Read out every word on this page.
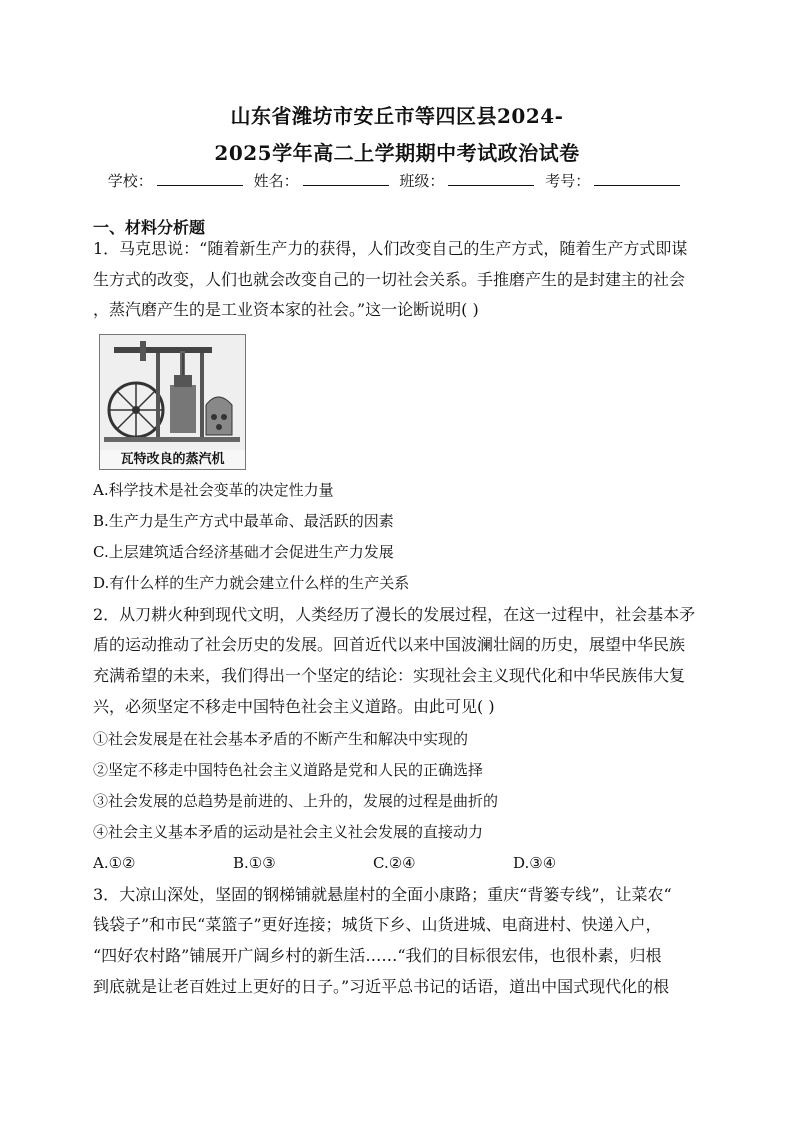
山东省潍坊市安丘市等四区县2024-
2025学年高二上学期期中考试政治试卷
学校：	姓名：	班级：	考号：
一、材料分析题
1．马克思说：“随着新生产力的获得，人们改变自己的生产方式，随着生产方式即谋
生方式的改变，人们也就会改变自己的一切社会关系。手推磨产生的是封建主的社会
，蒸汽磨产生的是工业资本家的社会。”这一论断说明( )
瓦特改良的蒸汽机
A.科学技术是社会变革的决定性力量
B.生产力是生产方式中最革命、最活跃的因素
C.上层建筑适合经济基础才会促进生产力发展
D.有什么样的生产力就会建立什么样的生产关系
2．从刀耕火种到现代文明，人类经历了漫长的发展过程，在这一过程中，社会基本矛
盾的运动推动了社会历史的发展。回首近代以来中国波澜壮阔的历史，展望中华民族
充满希望的未来，我们得出一个坚定的结论：实现社会主义现代化和中华民族伟大复
兴，必须坚定不移走中国特色社会主义道路。由此可见( )
①社会发展是在社会基本矛盾的不断产生和解决中实现的
②坚定不移走中国特色社会主义道路是党和人民的正确选择
③社会发展的总趋势是前进的、上升的，发展的过程是曲折的
④社会主义基本矛盾的运动是社会主义社会发展的直接动力
A.①②	B.①③	C.②④	D.③④
3．大凉山深处，坚固的钢梯铺就悬崖村的全面小康路；重庆“背篓专线”，让菜农“
钱袋子”和市民“菜篮子”更好连接；城货下乡、山货进城、电商进村、快递入户，
“四好农村路”铺展开广阔乡村的新生活……“我们的目标很宏伟，也很朴素，归根
到底就是让老百姓过上更好的日子。”习近平总书记的话语，道出中国式现代化的根
